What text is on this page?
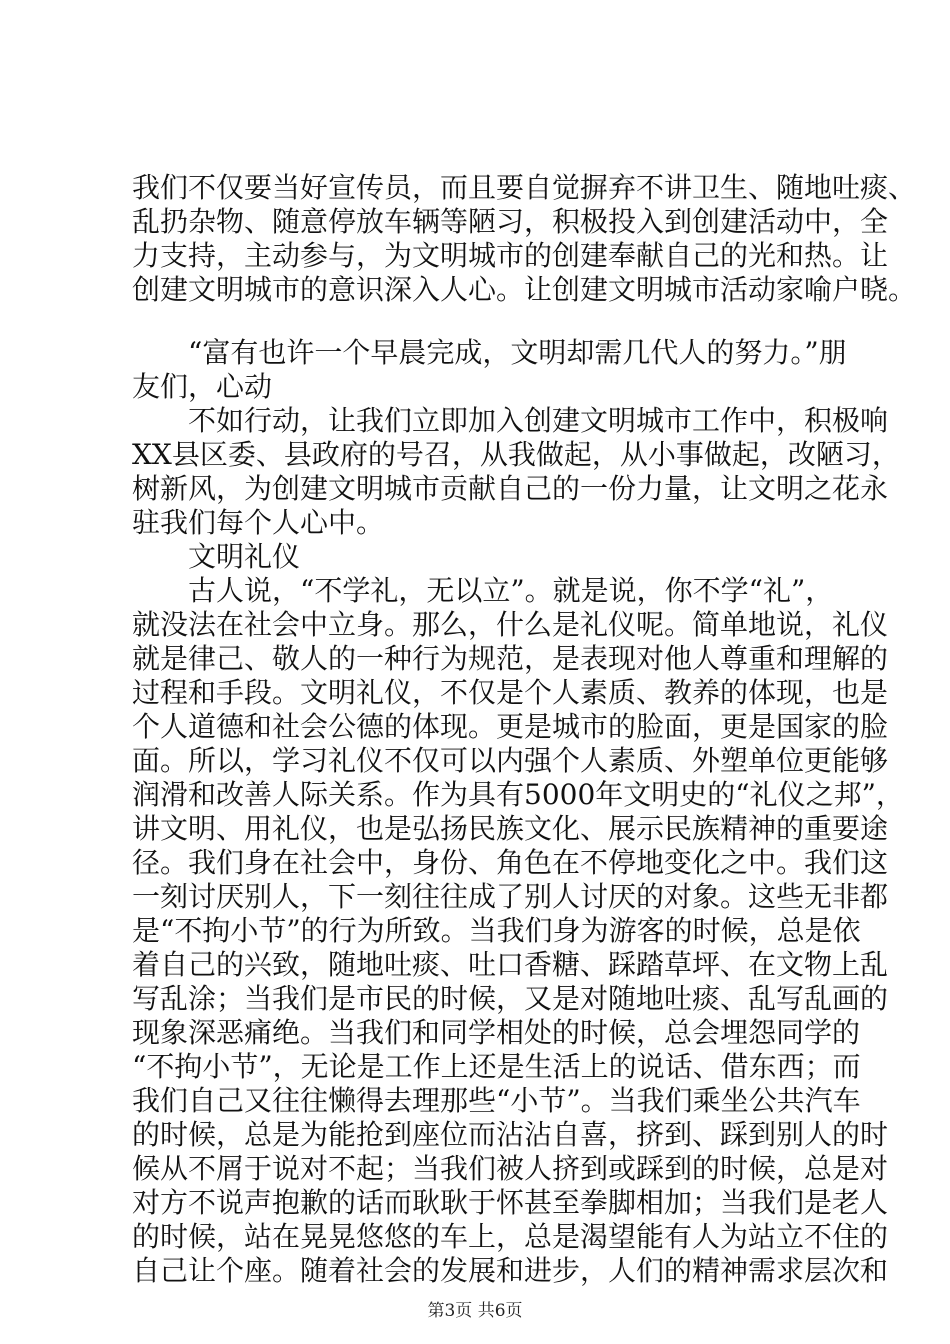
我们不仅要当好宣传员，而且要自觉摒弃不讲卫生、随地吐痰、
乱扔杂物、随意停放车辆等陋习，积极投入到创建活动中，全
力支持，主动参与，为文明城市的创建奉献自己的光和热。让
创建文明城市的意识深入人心。让创建文明城市活动家喻户晓。
“富有也许一个早晨完成，文明却需几代人的努力。”朋
友们，心动
不如行动，让我们立即加入创建文明城市工作中，积极响
XX县区委、县政府的号召，从我做起，从小事做起，改陋习，
树新风，为创建文明城市贡献自己的一份力量，让文明之花永
驻我们每个人心中。
文明礼仪
古人说，“不学礼，无以立”。就是说，你不学“礼”，
就没法在社会中立身。那么，什么是礼仪呢。简单地说，礼仪
就是律己、敬人的一种行为规范，是表现对他人尊重和理解的
过程和手段。文明礼仪，不仅是个人素质、教养的体现，也是
个人道德和社会公德的体现。更是城市的脸面，更是国家的脸
面。所以，学习礼仪不仅可以内强个人素质、外塑单位更能够
润滑和改善人际关系。作为具有5000年文明史的“礼仪之邦”，
讲文明、用礼仪，也是弘扬民族文化、展示民族精神的重要途
径。我们身在社会中，身份、角色在不停地变化之中。我们这
一刻讨厌别人，下一刻往往成了别人讨厌的对象。这些无非都
是“不拘小节”的行为所致。当我们身为游客的时候，总是依
着自己的兴致，随地吐痰、吐口香糖、踩踏草坪、在文物上乱
写乱涂；当我们是市民的时候，又是对随地吐痰、乱写乱画的
现象深恶痛绝。当我们和同学相处的时候，总会埋怨同学的
“不拘小节”，无论是工作上还是生活上的说话、借东西；而
我们自己又往往懒得去理那些“小节”。当我们乘坐公共汽车
的时候，总是为能抢到座位而沾沾自喜，挤到、踩到别人的时
候从不屑于说对不起；当我们被人挤到或踩到的时候，总是对
对方不说声抱歉的话而耿耿于怀甚至拳脚相加；当我们是老人
的时候，站在晃晃悠悠的车上，总是渴望能有人为站立不住的
自己让个座。随着社会的发展和进步，人们的精神需求层次和
第3页 共6页
